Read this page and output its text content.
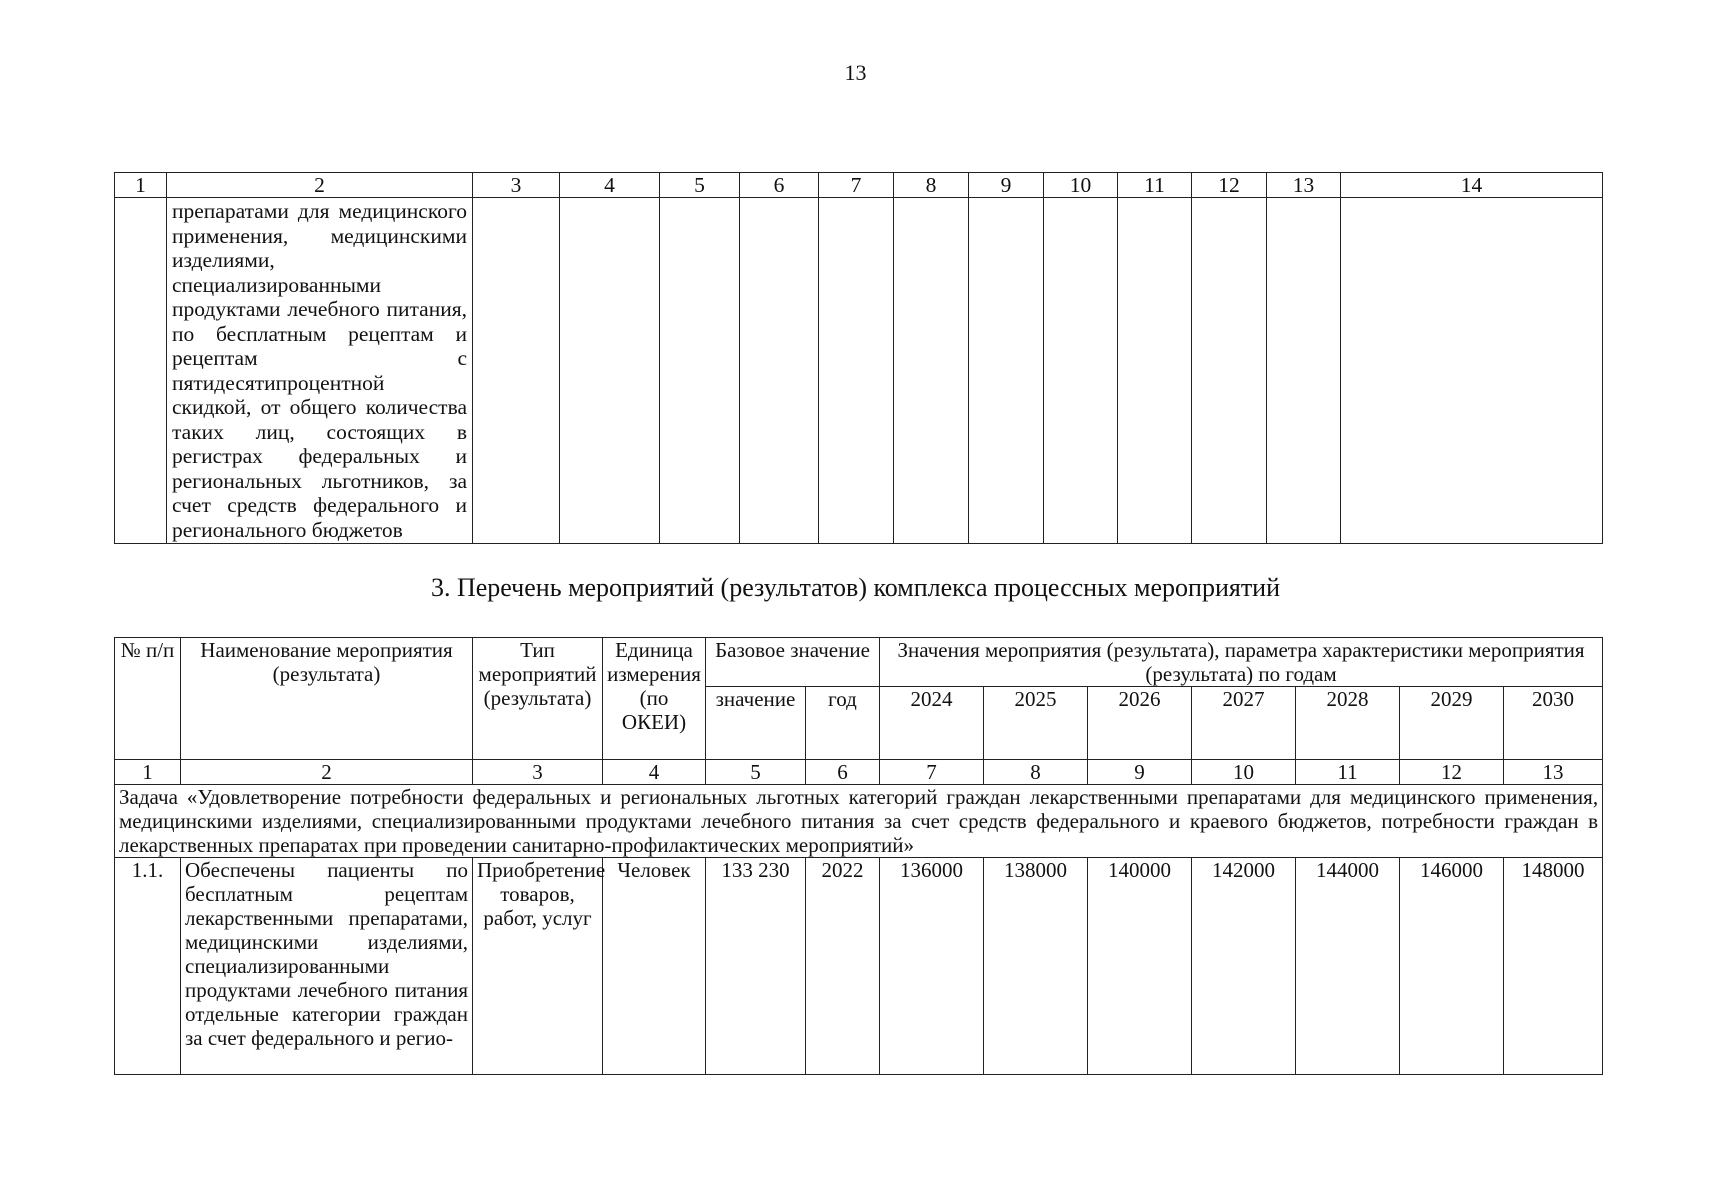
13
1	2	3	4	5	6	7	8	9	10	11	12	13	14
	препаратами для медицинского применения, медицинскими изделиями, специализированными продуктами лечебного питания, по бесплатным рецептам и рецептам с пятидесятипроцентной скидкой, от общего количества таких лиц, состоящих в регистрах федеральных и региональных льготников, за счет средств федерального и регионального бюджетов												
3. Перечень мероприятий (результатов) комплекса процессных мероприятий
№ п/п	Наименование мероприятия (результата)	Тип мероприятий (результата)	Единица измерения (по ОКЕИ)	Базовое значение		Значения мероприятия (результата), параметра характеристики мероприятия (результата) по годам						
				значение	год	2024	2025	2026	2027	2028	2029	2030
1	2	3	4	5	6	7	8	9	10	11	12	13
Задача «Удовлетворение потребности федеральных и региональных льготных категорий граждан лекарственными препаратами для медицинского применения, медицинскими изделиями, специализированными продуктами лечебного питания за счет средств федерального и краевого бюджетов, потребности граждан в лекарственных препаратах при проведении санитарно-профилактических мероприятий»												
1.1.	Обеспечены пациенты по бесплатным рецептам лекарственными препаратами, медицинскими изделиями, специализированными продуктами лечебного питания отдельные категории граждан за счет федерального и регио-	Приобретение товаров, работ, услуг	Человек	133 230	2022	136000	138000	140000	142000	144000	146000	148000
